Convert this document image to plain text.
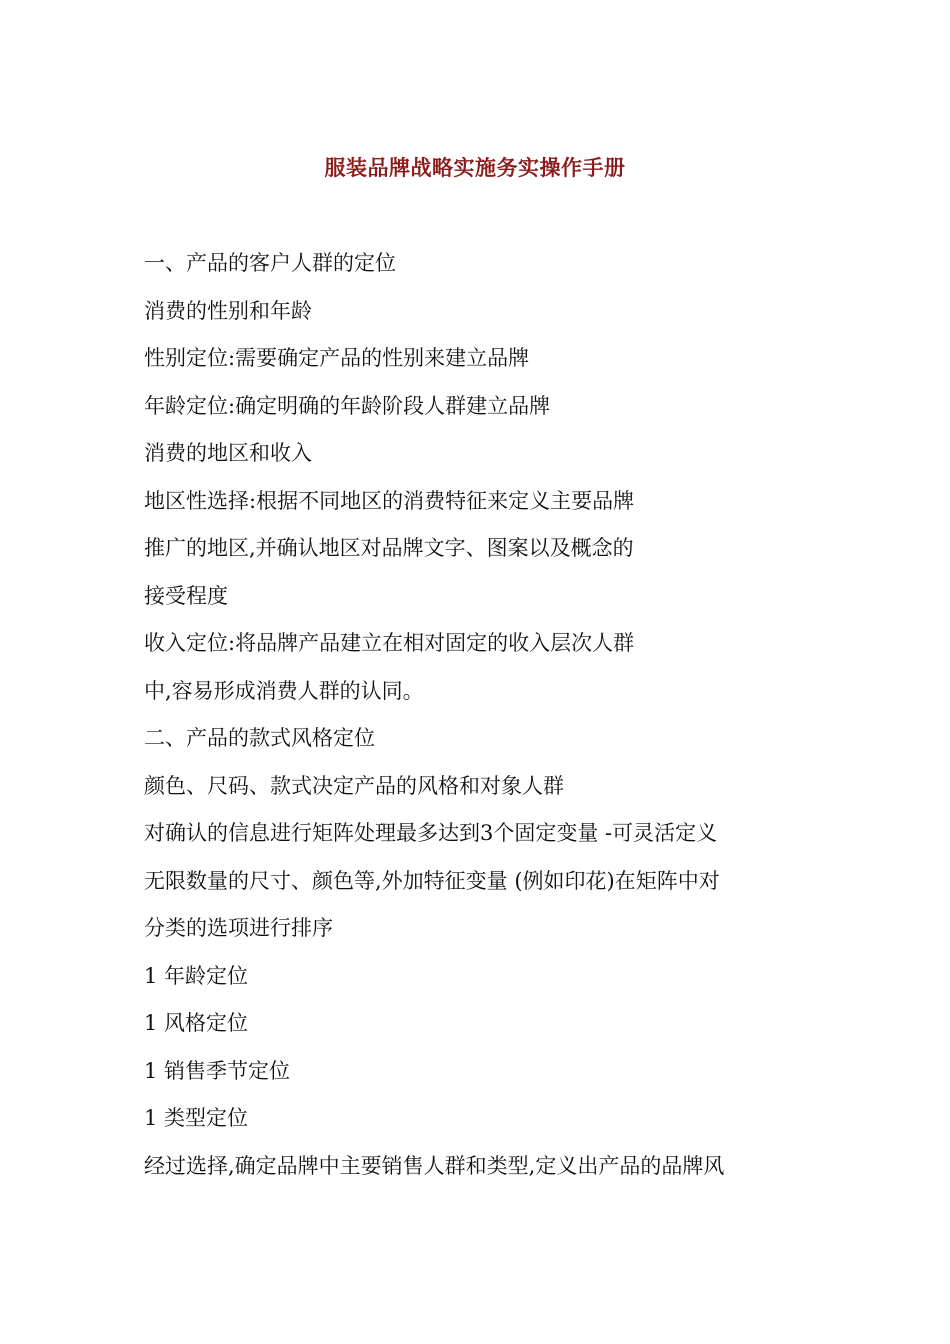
服装品牌战略实施务实操作手册

一、产品的客户人群的定位

消费的性别和年龄

性别定位:需要确定产品的性别来建立品牌

年龄定位:确定明确的年龄阶段人群建立品牌

消费的地区和收入

地区性选择:根据不同地区的消费特征来定义主要品牌

推广的地区,并确认地区对品牌文字、图案以及概念的

接受程度

收入定位:将品牌产品建立在相对固定的收入层次人群

中,容易形成消费人群的认同。

二、产品的款式风格定位

颜色、尺码、款式决定产品的风格和对象人群

对确认的信息进行矩阵处理最多达到3个固定变量 -可灵活定义

无限数量的尺寸、颜色等,外加特征变量 (例如印花)在矩阵中对

分类的选项进行排序

1 年龄定位

1 风格定位

1 销售季节定位

1 类型定位

经过选择,确定品牌中主要销售人群和类型,定义出产品的品牌风
